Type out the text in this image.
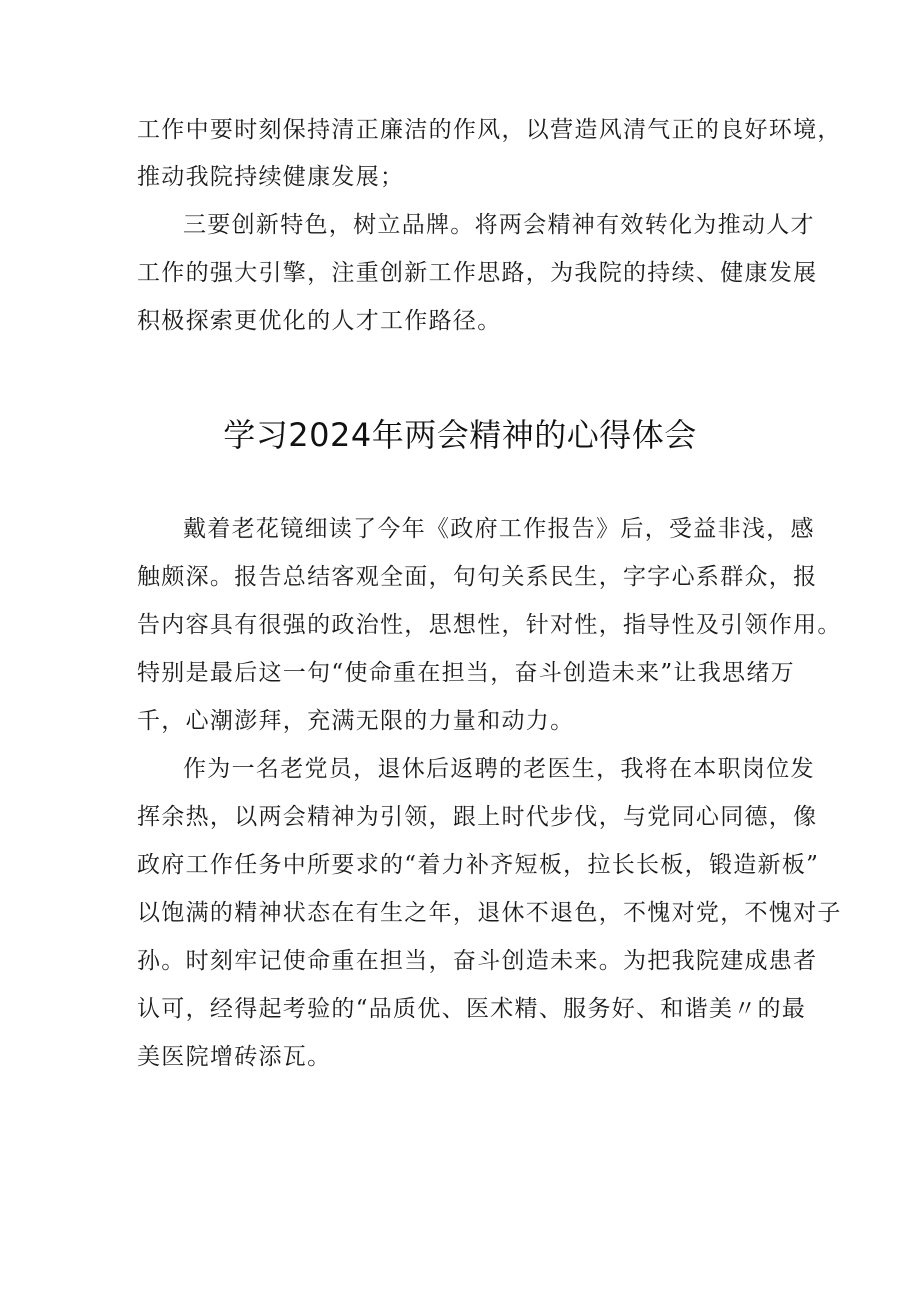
工作中要时刻保持清正廉洁的作风，以营造风清气正的良好环境，
推动我院持续健康发展；
三要创新特色，树立品牌。将两会精神有效转化为推动人才
工作的强大引擎，注重创新工作思路，为我院的持续、健康发展
积极探索更优化的人才工作路径。
学习2024年两会精神的心得体会
戴着老花镜细读了今年《政府工作报告》后，受益非浅，感
触颇深。报告总结客观全面，句句关系民生，字字心系群众，报
告内容具有很强的政治性，思想性，针对性，指导性及引领作用。
特别是最后这一句“使命重在担当，奋斗创造未来”让我思绪万
千，心潮澎拜，充满无限的力量和动力。
作为一名老党员，退休后返聘的老医生，我将在本职岗位发
挥余热，以两会精神为引领，跟上时代步伐，与党同心同德，像
政府工作任务中所要求的“着力补齐短板，拉长长板，锻造新板”
以饱满的精神状态在有生之年，退休不退色，不愧对党，不愧对子
孙。时刻牢记使命重在担当，奋斗创造未来。为把我院建成患者
认可，经得起考验的“品质优、医术精、服务好、和谐美〃的最
美医院增砖添瓦。
